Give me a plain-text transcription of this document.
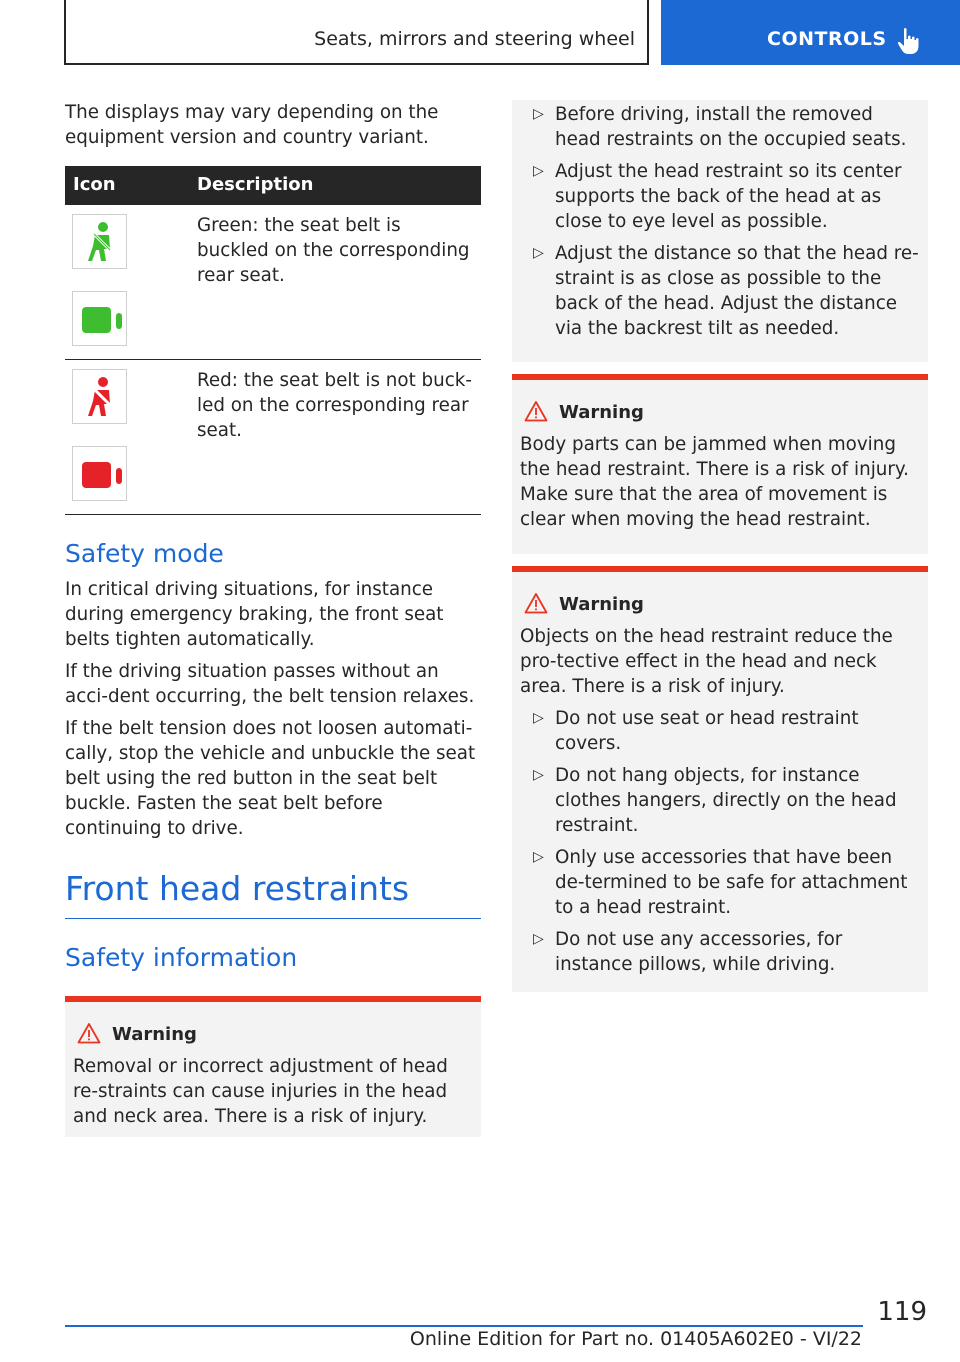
Seats, mirrors and steering wheel	CONTROLS

The displays may vary depending on the equipment version and country variant.

Icon	Description

Green: the seat belt is buckled on the corresponding rear seat.

Red: the seat belt is not buck‐led on the corresponding rear seat.

Safety mode

In critical driving situations, for instance during emergency braking, the front seat belts tighten automatically.

If the driving situation passes without an acci‐dent occurring, the belt tension relaxes.

If the belt tension does not loosen automati‐cally, stop the vehicle and unbuckle the seat belt using the red button in the seat belt buckle. Fasten the seat belt before continuing to drive.

Front head restraints
Safety information
Warning

Removal or incorrect adjustment of head re‐straints can cause injuries in the head and neck area. There is a risk of injury.

▷ Before driving, install the removed head restraints on the occupied seats.
▷ Adjust the head restraint so its center supports the back of the head at as close to eye level as possible.
▷ Adjust the distance so that the head re‐straint is as close as possible to the back of the head. Adjust the distance via the backrest tilt as needed.
Warning

Body parts can be jammed when moving the head restraint. There is a risk of injury. Make sure that the area of movement is clear when moving the head restraint.

Warning

Objects on the head restraint reduce the pro‐tective effect in the head and neck area. There is a risk of injury.

▷ Do not use seat or head restraint covers.
▷ Do not hang objects, for instance clothes hangers, directly on the head restraint.
▷ Only use accessories that have been de‐termined to be safe for attachment to a head restraint.
▷ Do not use any accessories, for instance pillows, while driving.
119
Online Edition for Part no. 01405A602E0 - VI/22
